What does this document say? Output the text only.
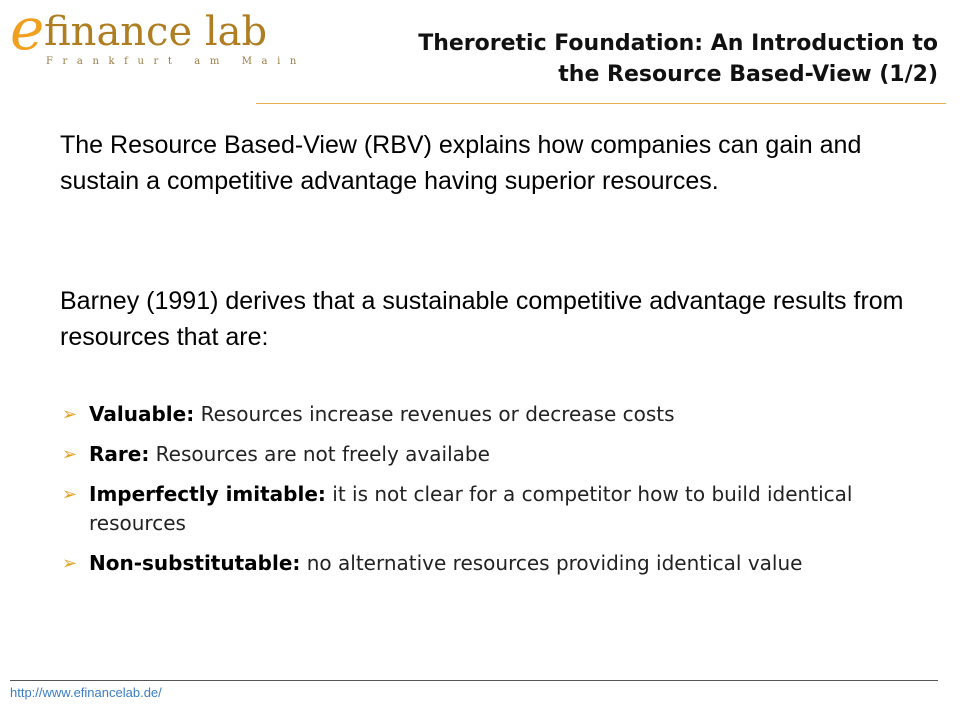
e finance lab
Frankfurt am Main
Theroretic Foundation: An Introduction to
the Resource Based-View (1/2)

The Resource Based-View (RBV) explains how companies can gain and sustain a competitive advantage having superior resources.

Barney (1991) derives that a sustainable competitive advantage results from resources that are:

➢ Valuable: Resources increase revenues or decrease costs
➢ Rare: Resources are not freely availabe
➢ Imperfectly imitable: it is not clear for a competitor how to build identical resources
➢ Non-substitutable: no alternative resources providing identical value
http://www.efinancelab.de/
